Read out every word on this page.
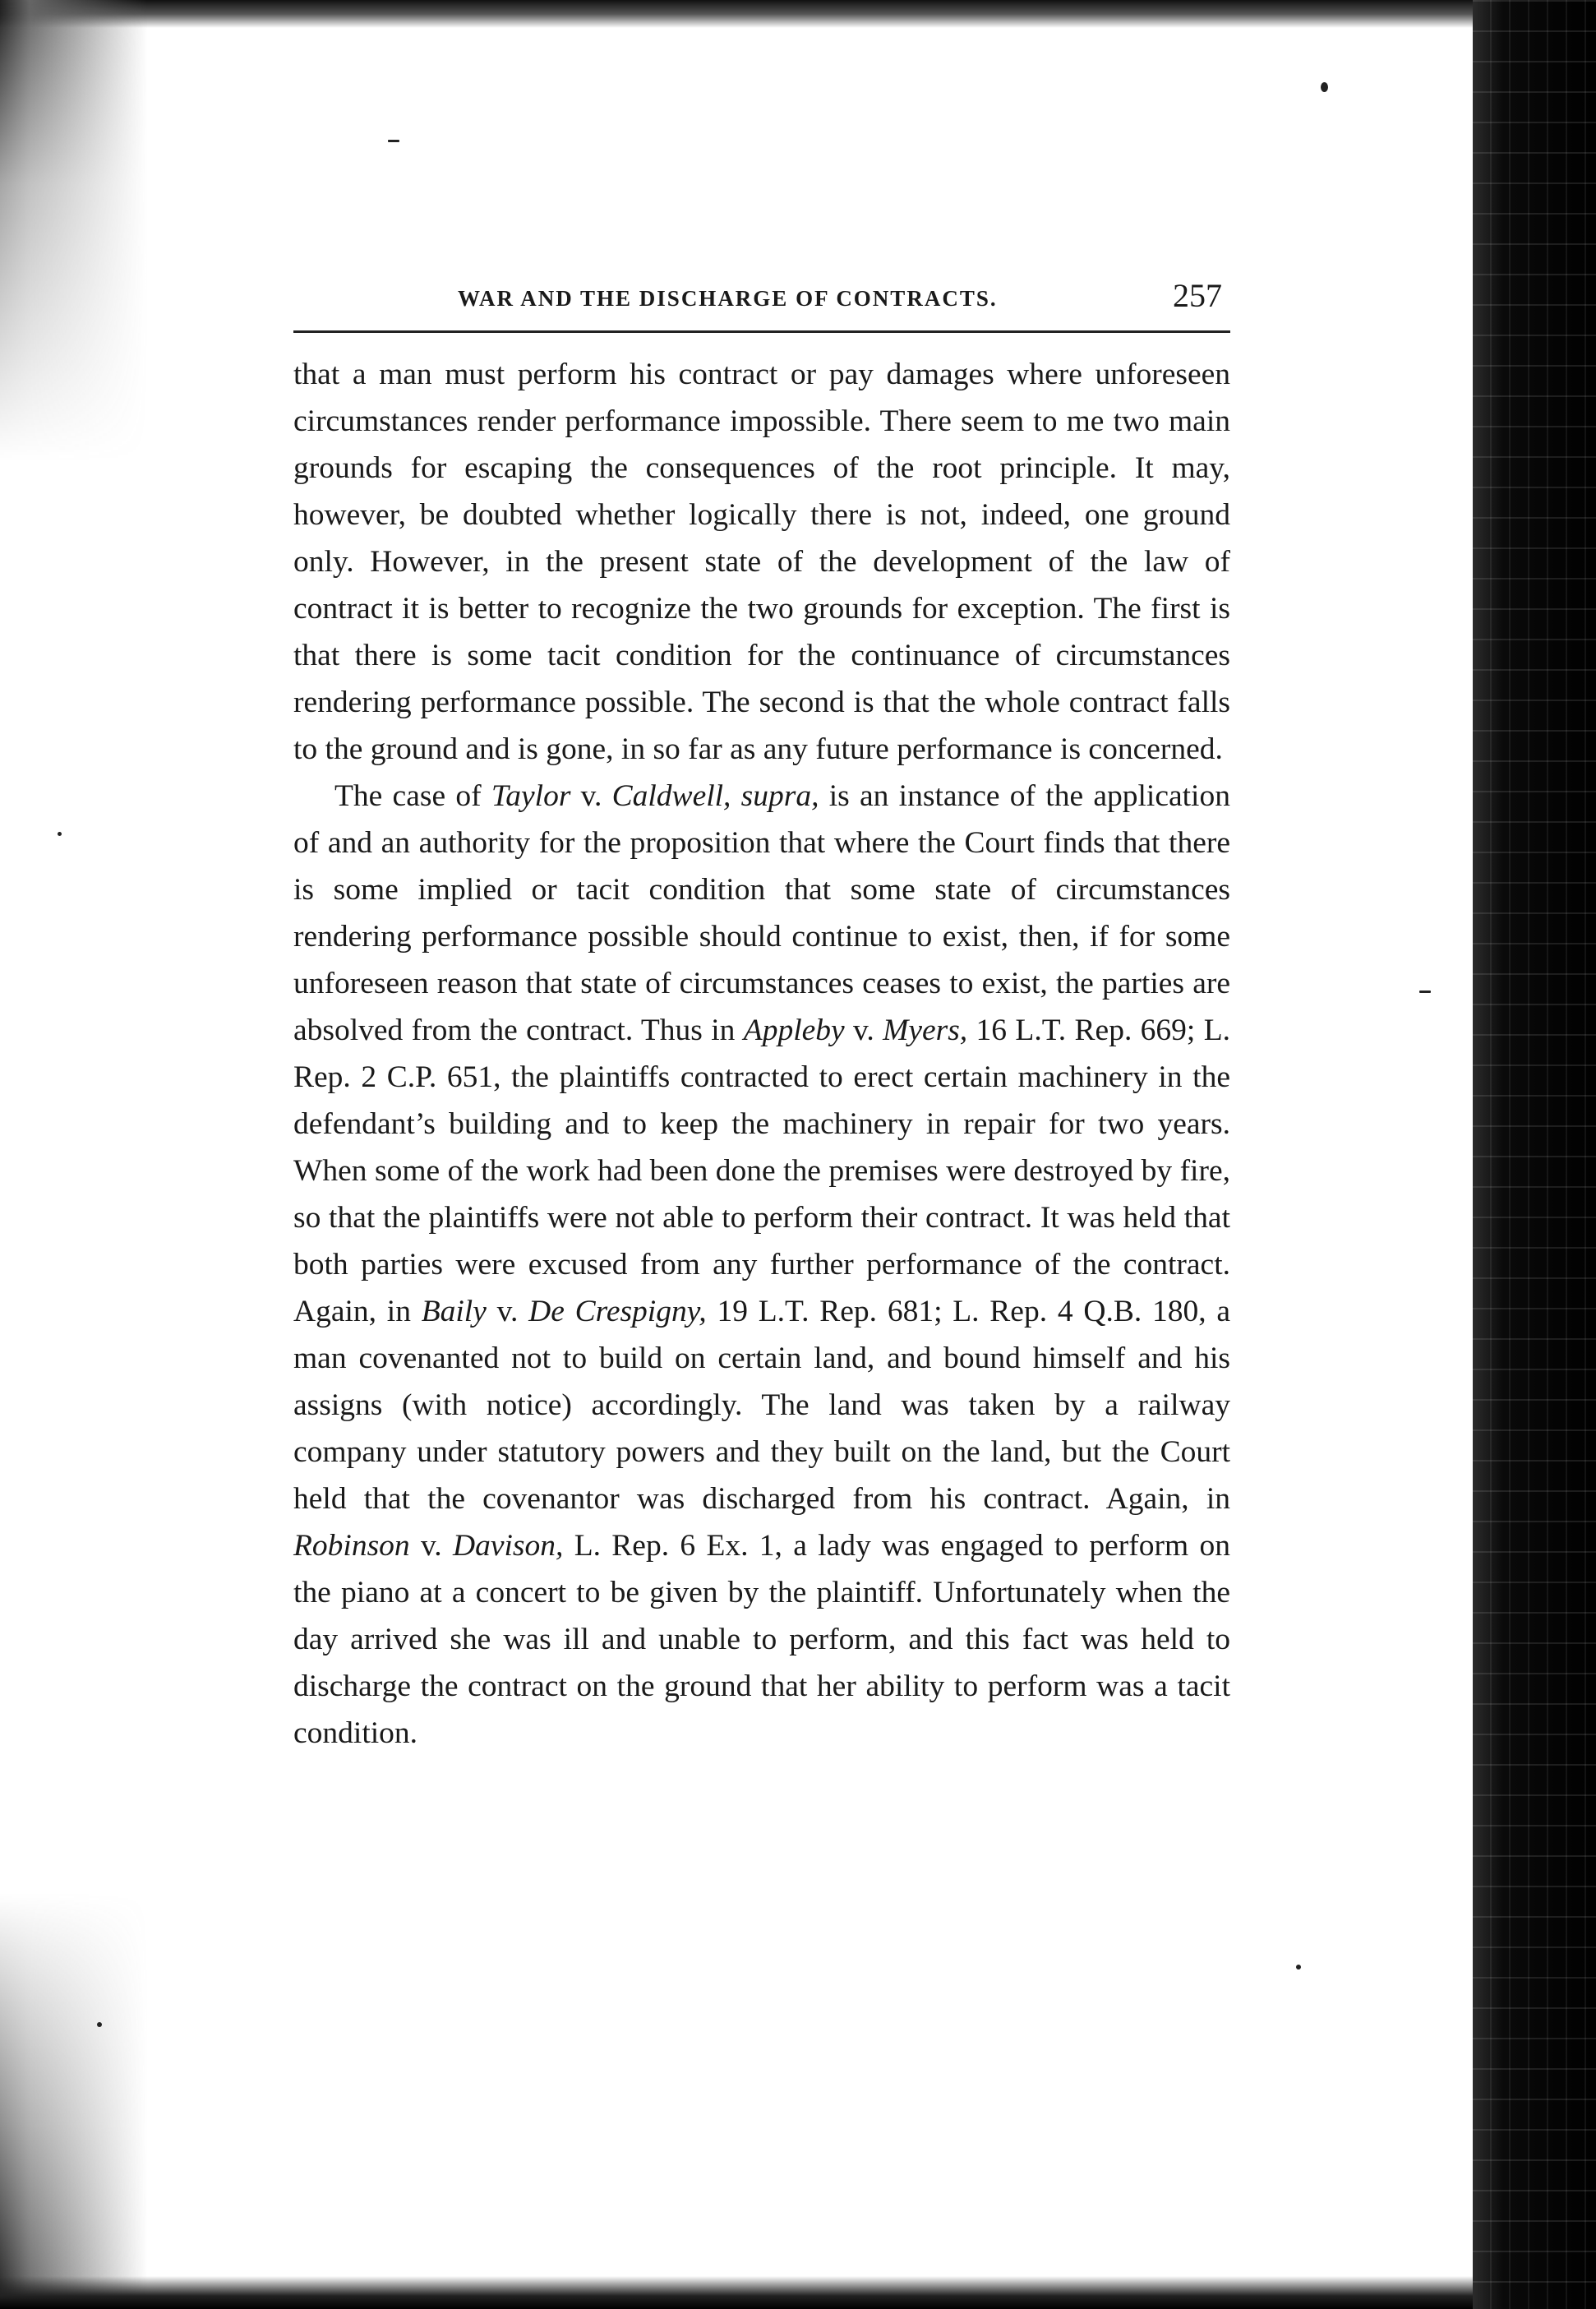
WAR AND THE DISCHARGE OF CONTRACTS.	257

that a man must perform his contract or pay damages where unforeseen circumstances render performance impossible. There seem to me two main grounds for escaping the consequences of the root principle. It may, however, be doubted whether logically there is not, indeed, one ground only. However, in the present state of the development of the law of contract it is better to recognize the two grounds for exception. The first is that there is some tacit condition for the continuance of circumstances rendering performance possible. The second is that the whole contract falls to the ground and is gone, in so far as any future performance is concerned.

The case of Taylor v. Caldwell, supra, is an instance of the application of and an authority for the proposition that where the Court finds that there is some implied or tacit condition that some state of circumstances rendering performance possible should continue to exist, then, if for some unforeseen reason that state of circumstances ceases to exist, the parties are absolved from the contract. Thus in Appleby v. Myers, 16 L.T. Rep. 669; L. Rep. 2 C.P. 651, the plaintiffs contracted to erect certain machinery in the defendant’s building and to keep the machinery in repair for two years. When some of the work had been done the premises were destroyed by fire, so that the plaintiffs were not able to perform their contract. It was held that both parties were excused from any further performance of the contract. Again, in Baily v. De Crespigny, 19 L.T. Rep. 681; L. Rep. 4 Q.B. 180, a man covenanted not to build on certain land, and bound himself and his assigns (with notice) accordingly. The land was taken by a railway company under statutory powers and they built on the land, but the Court held that the covenantor was discharged from his contract. Again, in Robinson v. Davison, L. Rep. 6 Ex. 1, a lady was engaged to perform on the piano at a concert to be given by the plaintiff. Unfortunately when the day arrived she was ill and unable to perform, and this fact was held to discharge the contract on the ground that her ability to perform was a tacit condition.
